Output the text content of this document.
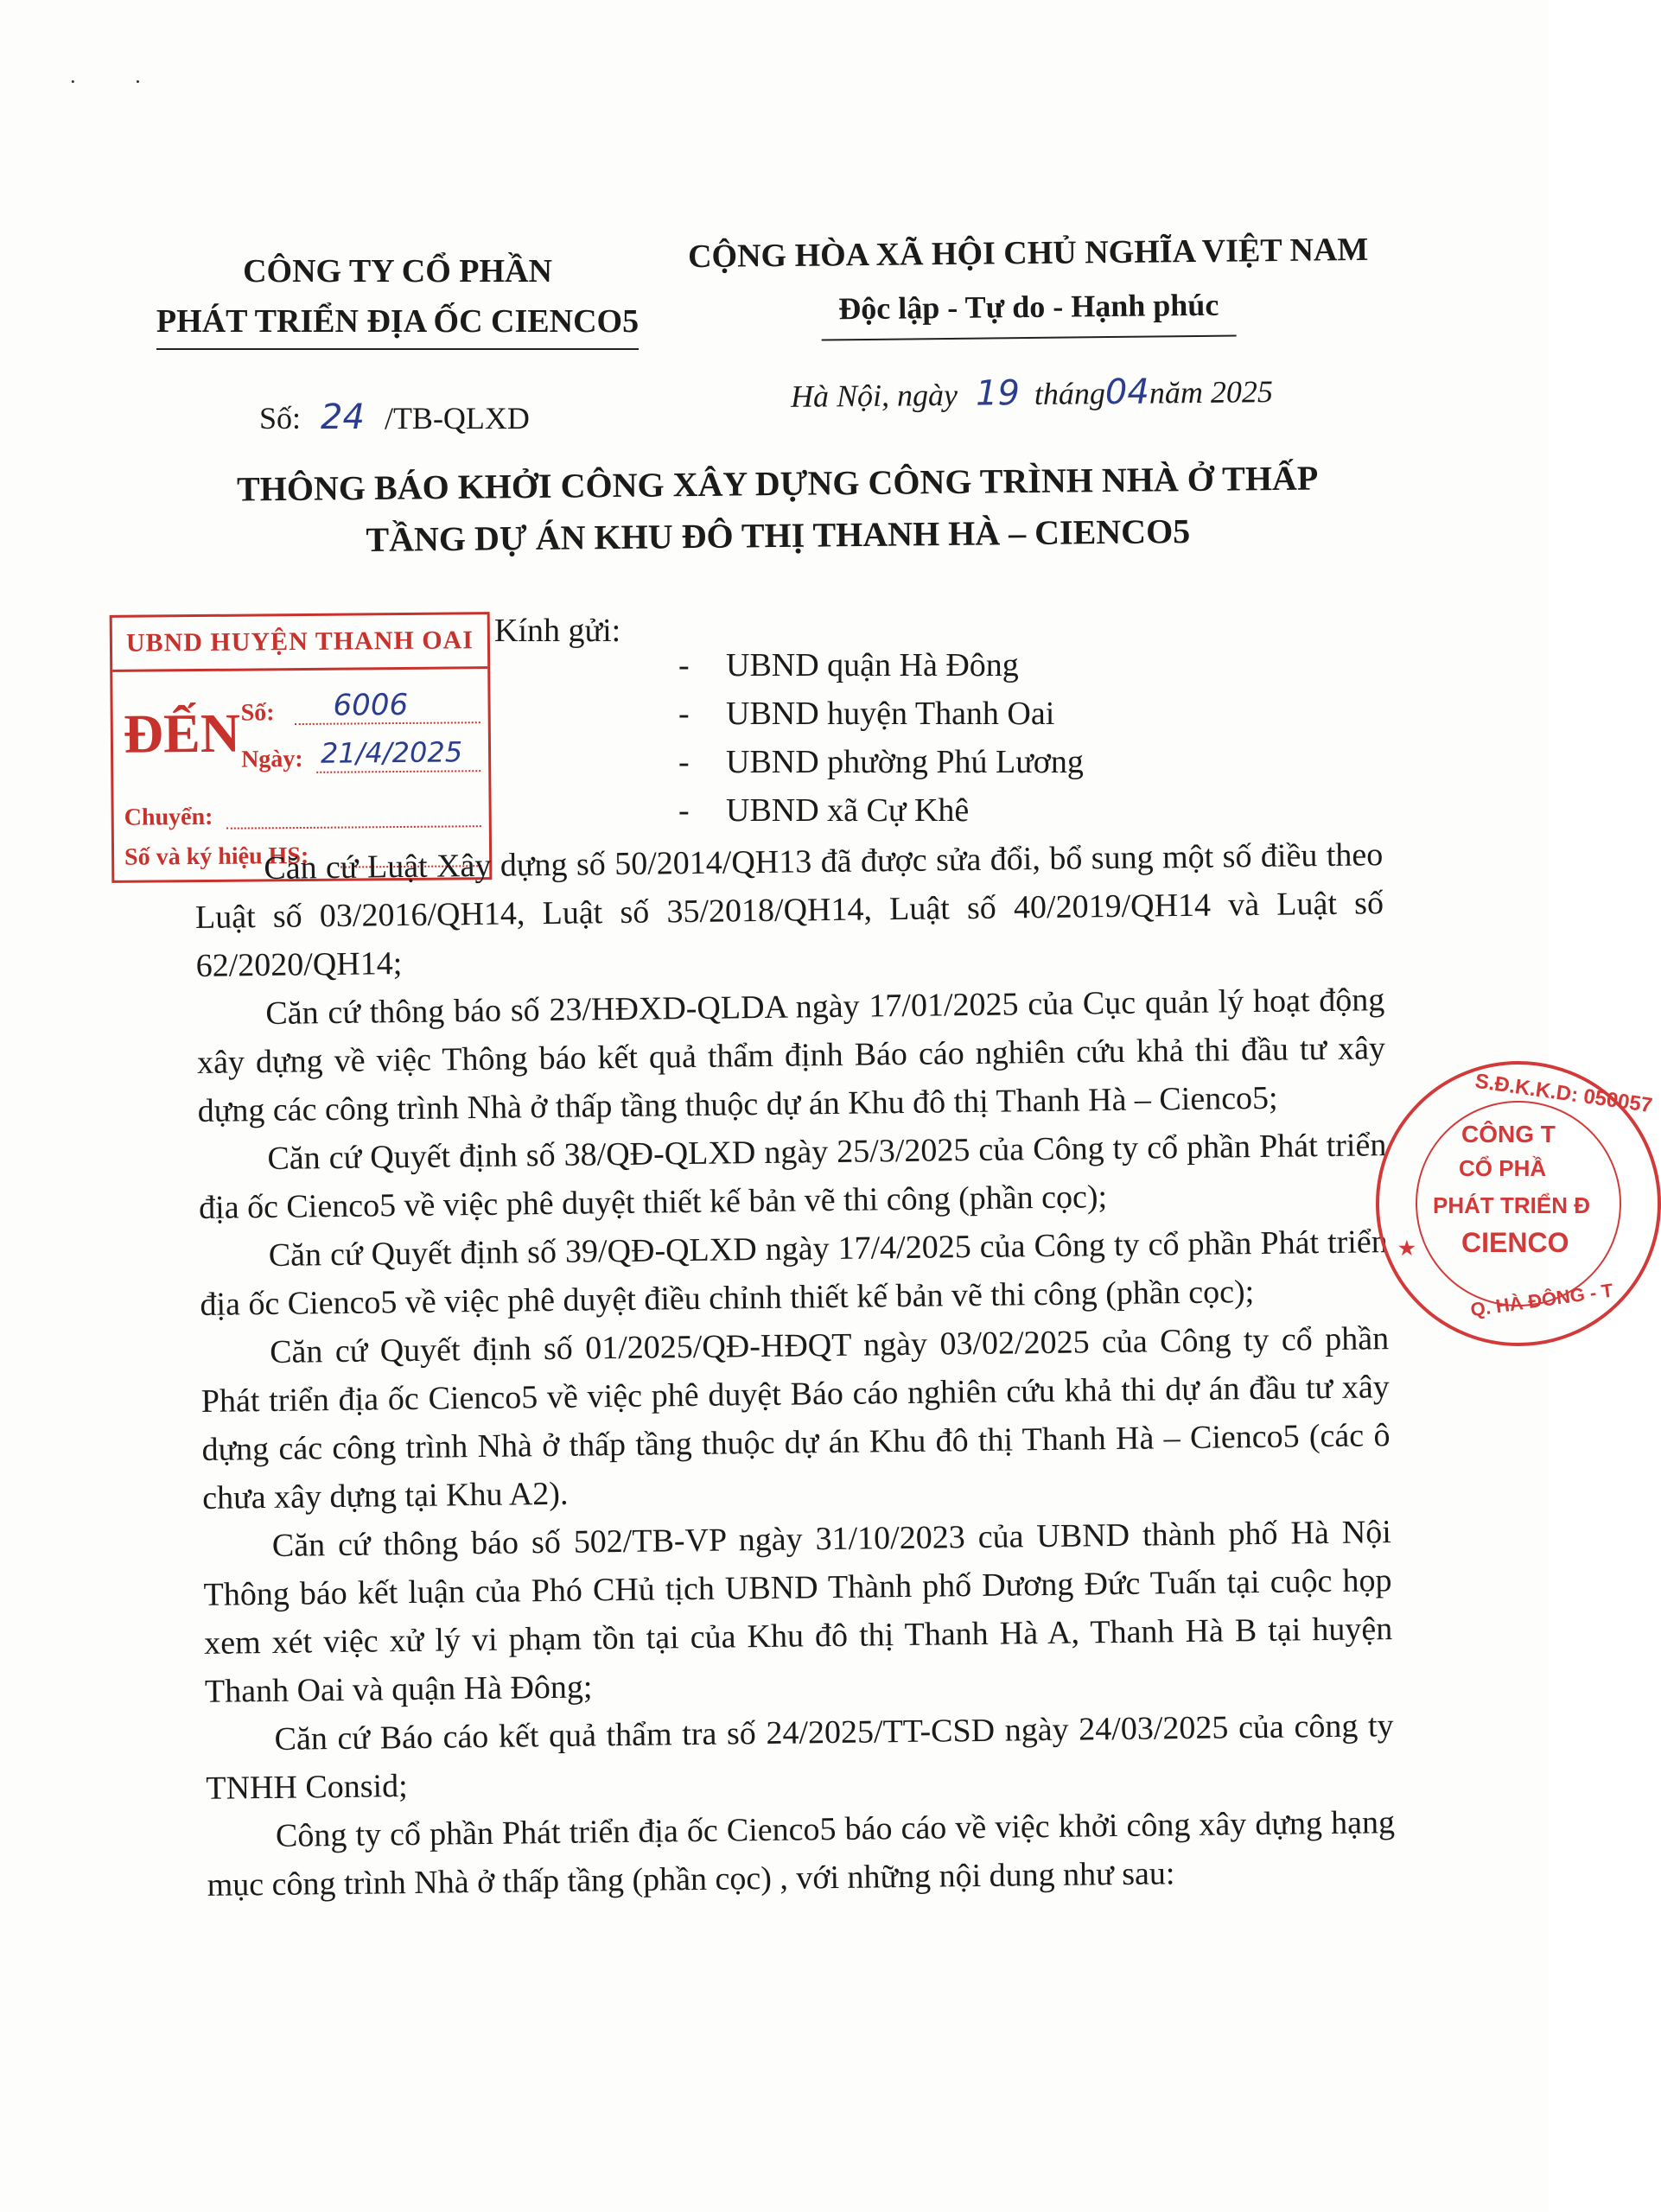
· ·
CÔNG TY CỔ PHẦN
PHÁT TRIỂN ĐỊA ỐC CIENCO5
CỘNG HÒA XÃ HỘI CHỦ NGHĨA VIỆT NAM
Độc lập - Tự do - Hạnh phúc
Số: 24 /TB-QLXD
Hà Nội, ngày 19 tháng04năm 2025
THÔNG BÁO KHỞI CÔNG XÂY DỰNG CÔNG TRÌNH NHÀ Ở THẤP
TẦNG DỰ ÁN KHU ĐÔ THỊ THANH HÀ – CIENCO5
UBND HUYỆN THANH OAI
ĐẾN Số: 6006
Ngày: 21/4/2025
Chuyển:
Số và ký hiệu HS:
Kính gửi:
- UBND quận Hà Đông
- UBND huyện Thanh Oai
- UBND phường Phú Lương
- UBND xã Cự Khê

Căn cứ Luật Xây dựng số 50/2014/QH13 đã được sửa đổi, bổ sung một số điều theo Luật số 03/2016/QH14, Luật số 35/2018/QH14, Luật số 40/2019/QH14 và Luật số 62/2020/QH14;

Căn cứ thông báo số 23/HĐXD-QLDA ngày 17/01/2025 của Cục quản lý hoạt động xây dựng về việc Thông báo kết quả thẩm định Báo cáo nghiên cứu khả thi đầu tư xây dựng các công trình Nhà ở thấp tầng thuộc dự án Khu đô thị Thanh Hà – Cienco5;

Căn cứ Quyết định số 38/QĐ-QLXD ngày 25/3/2025 của Công ty cổ phần Phát triển địa ốc Cienco5 về việc phê duyệt thiết kế bản vẽ thi công (phần cọc);

Căn cứ Quyết định số 39/QĐ-QLXD ngày 17/4/2025 của Công ty cổ phần Phát triển địa ốc Cienco5 về việc phê duyệt điều chỉnh thiết kế bản vẽ thi công (phần cọc);

Căn cứ Quyết định số 01/2025/QĐ-HĐQT ngày 03/02/2025 của Công ty cổ phần Phát triển địa ốc Cienco5 về việc phê duyệt Báo cáo nghiên cứu khả thi dự án đầu tư xây dựng các công trình Nhà ở thấp tầng thuộc dự án Khu đô thị Thanh Hà – Cienco5 (các ô chưa xây dựng tại Khu A2).

Căn cứ thông báo số 502/TB-VP ngày 31/10/2023 của UBND thành phố Hà Nội Thông báo kết luận của Phó CHủ tịch UBND Thành phố Dương Đức Tuấn tại cuộc họp xem xét việc xử lý vi phạm tồn tại của Khu đô thị Thanh Hà A, Thanh Hà B tại huyện Thanh Oai và quận Hà Đông;

Căn cứ Báo cáo kết quả thẩm tra số 24/2025/TT-CSD ngày 24/03/2025 của công ty TNHH Consid;

Công ty cổ phần Phát triển địa ốc Cienco5 báo cáo về việc khởi công xây dựng hạng mục công trình Nhà ở thấp tầng (phần cọc) , với những nội dung như sau:

S.Đ.K.K.D: 050057
CÔNG T
CỔ PHẦ
PHÁT TRIỂN Đ
CIENCO
Q. HÀ ĐÔNG - T
★
